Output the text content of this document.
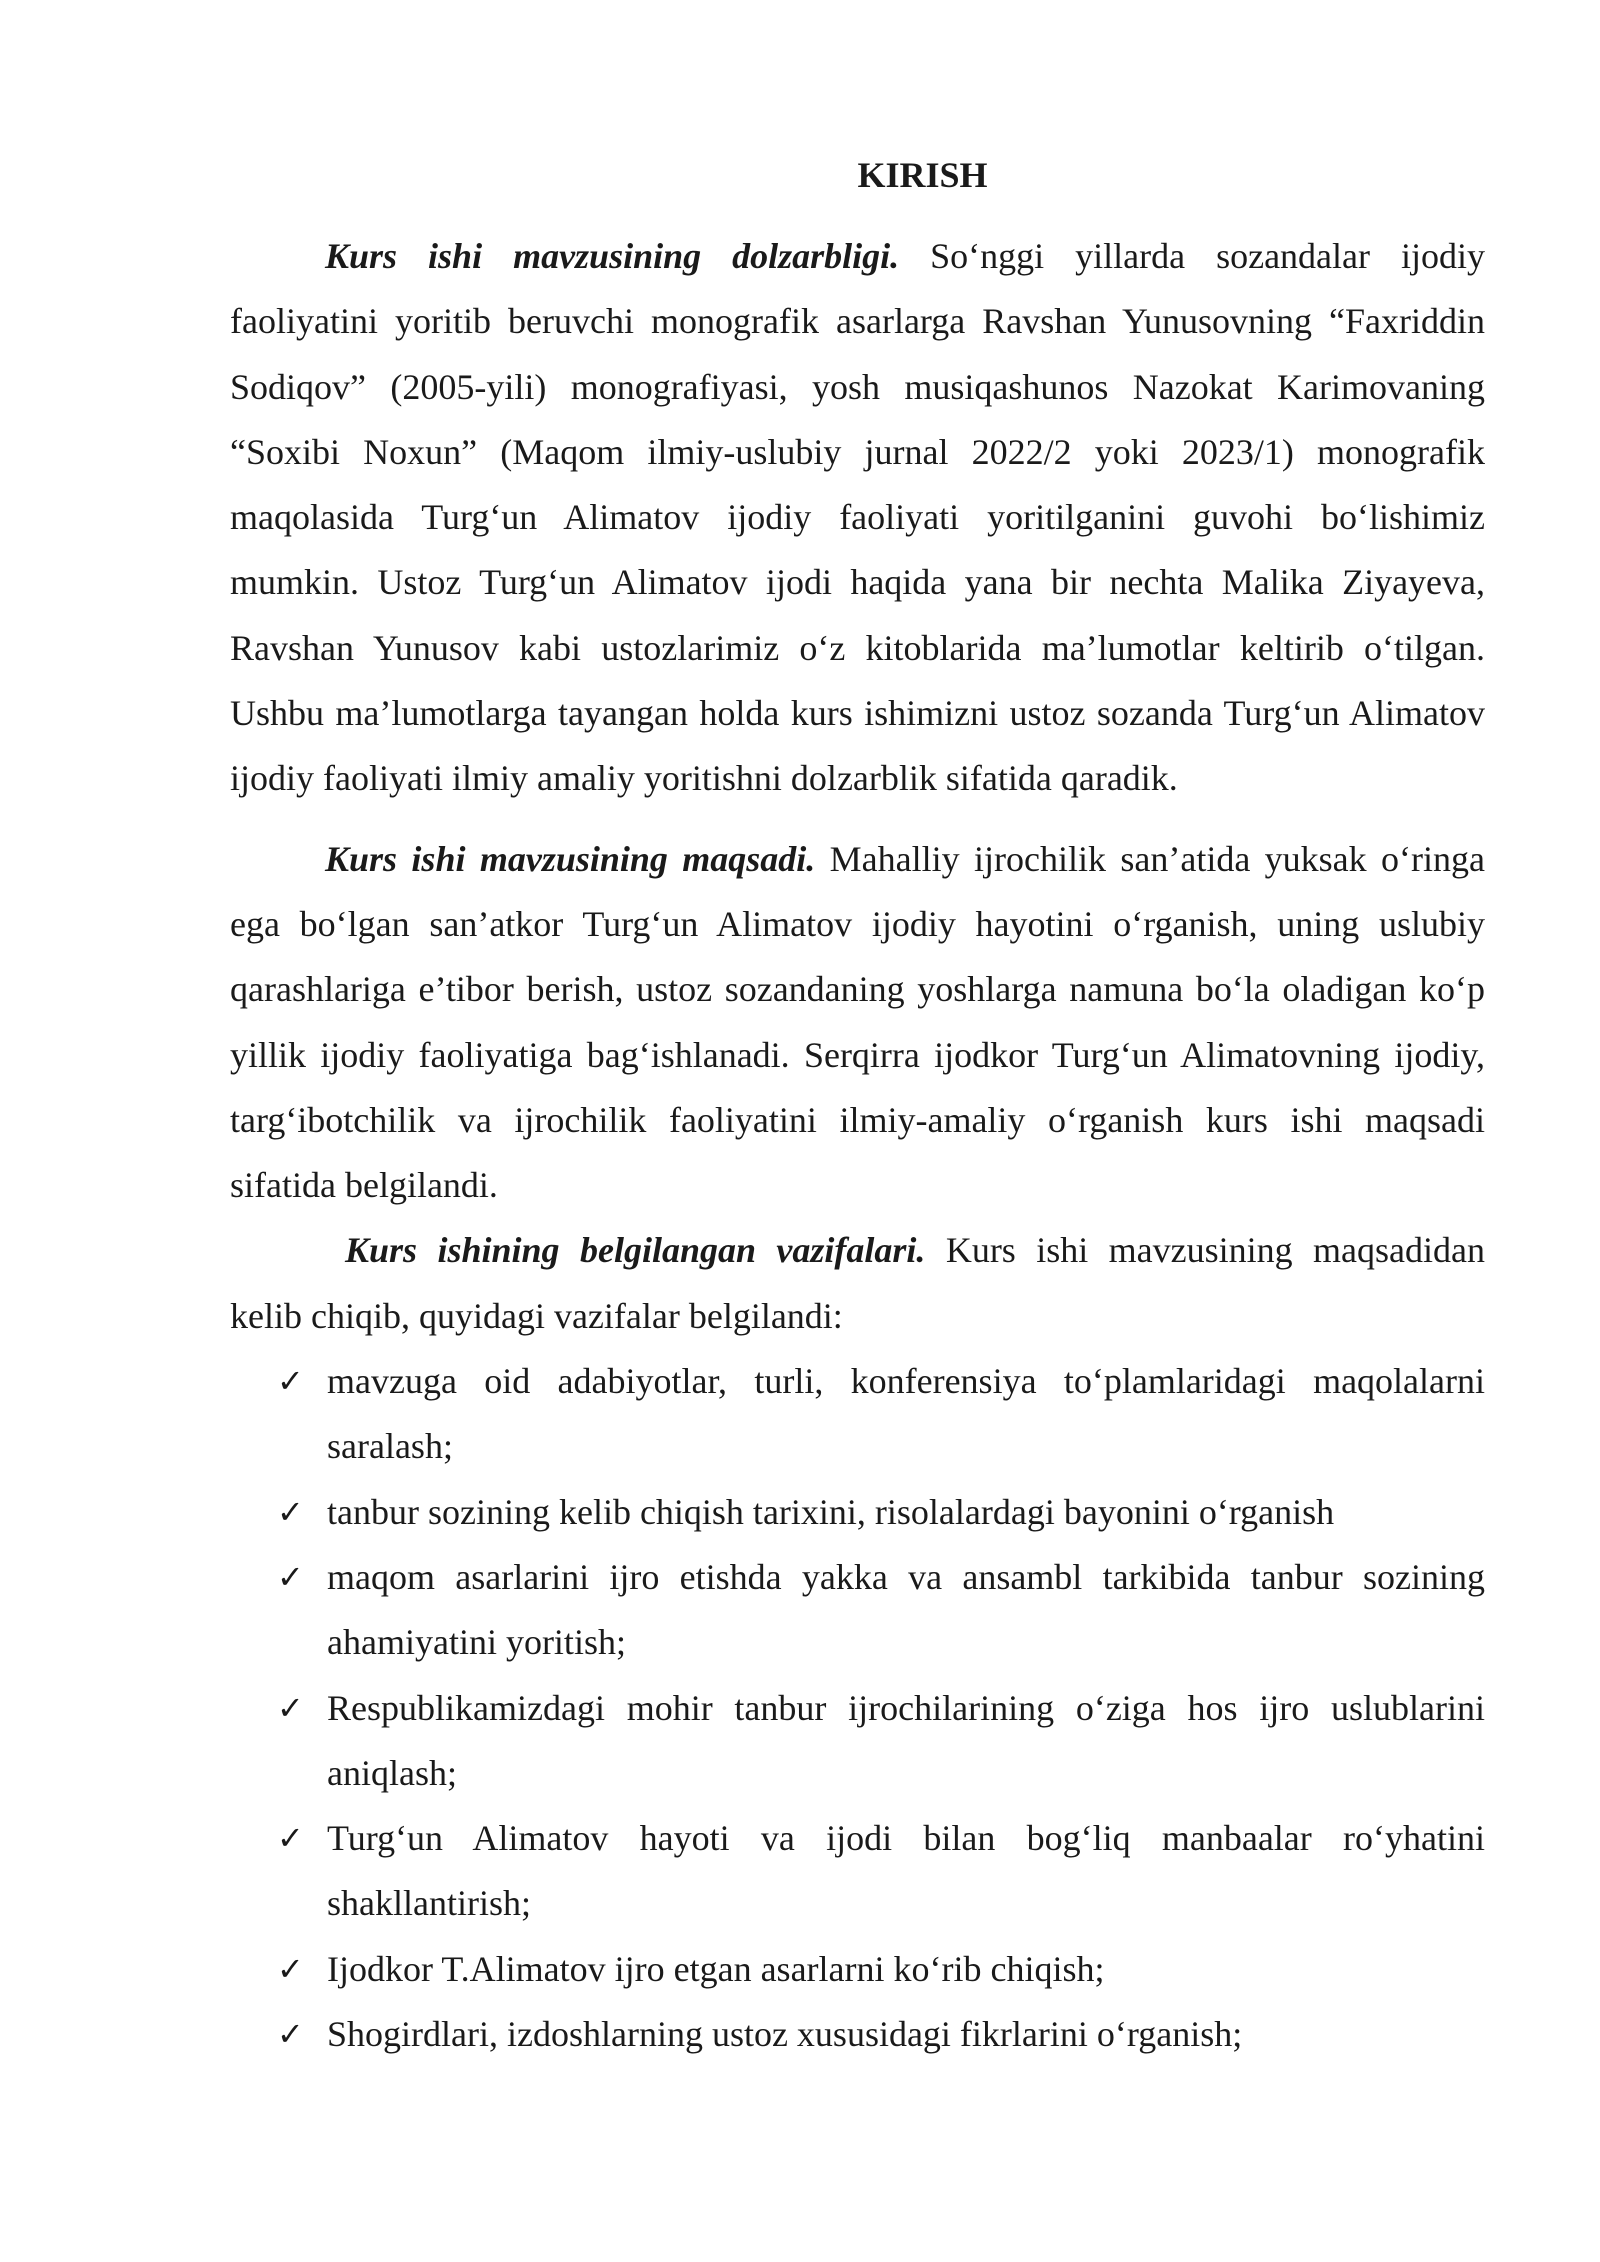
KIRISH

Kurs ishi mavzusining dolzarbligi. So‘nggi yillarda sozandalar ijodiy faoliyatini yoritib beruvchi monografik asarlarga Ravshan Yunusovning “Faxriddin Sodiqov” (2005-yili) monografiyasi, yosh musiqashunos Nazokat Karimovaning “Soxibi Noxun” (Maqom ilmiy-uslubiy jurnal 2022/2 yoki 2023/1) monografik maqolasida Turg‘un Alimatov ijodiy faoliyati yoritilganini guvohi bo‘lishimiz mumkin. Ustoz Turg‘un Alimatov ijodi haqida yana bir nechta Malika Ziyayeva, Ravshan Yunusov kabi ustozlarimiz o‘z kitoblarida ma’lumotlar keltirib o‘tilgan. Ushbu ma’lumotlarga tayangan holda kurs ishimizni ustoz sozanda Turg‘un Alimatov ijodiy faoliyati ilmiy amaliy yoritishni dolzarblik sifatida qaradik.

Kurs ishi mavzusining maqsadi. Mahalliy ijrochilik san’atida yuksak o‘ringa ega bo‘lgan san’atkor Turg‘un Alimatov ijodiy hayotini o‘rganish, uning uslubiy qarashlariga e’tibor berish, ustoz sozandaning yoshlarga namuna bo‘la oladigan ko‘p yillik ijodiy faoliyatiga bag‘ishlanadi. Serqirra ijodkor Turg‘un Alimatovning ijodiy, targ‘ibotchilik va ijrochilik faoliyatini ilmiy-amaliy o‘rganish kurs ishi maqsadi sifatida belgilandi.

Kurs ishining belgilangan vazifalari. Kurs ishi mavzusining maqsadidan kelib chiqib, quyidagi vazifalar belgilandi:

✓ mavzuga oid adabiyotlar, turli, konferensiya to‘plamlaridagi maqolalarni saralash;
✓ tanbur sozining kelib chiqish tarixini, risolalardagi bayonini o‘rganish
✓ maqom asarlarini ijro etishda yakka va ansambl tarkibida tanbur sozining ahamiyatini yoritish;
✓ Respublikamizdagi mohir tanbur ijrochilarining o‘ziga hos ijro uslublarini aniqlash;
✓ Turg‘un Alimatov hayoti va ijodi bilan bog‘liq manbaalar ro‘yhatini shakllantirish;
✓ Ijodkor T.Alimatov ijro etgan asarlarni ko‘rib chiqish;
✓ Shogirdlari, izdoshlarning ustoz xususidagi fikrlarini o‘rganish;
